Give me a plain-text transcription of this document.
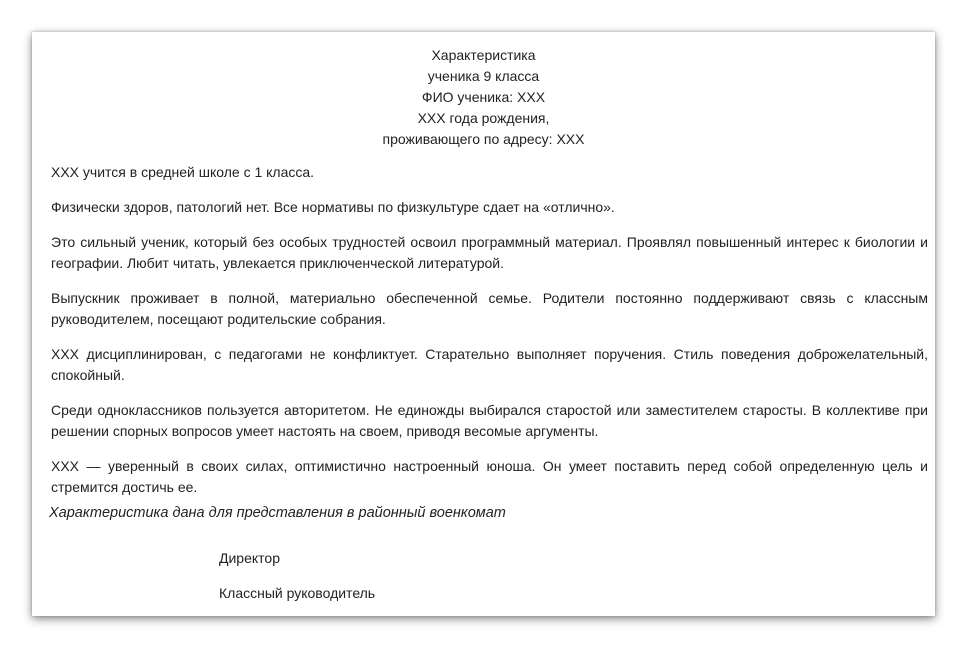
Характеристика
ученика 9 класса
ФИО ученика: ХХХ
ХХХ года рождения,
проживающего по адресу: ХХХ

ХХХ учится в средней школе с 1 класса.

Физически здоров, патологий нет. Все нормативы по физкультуре сдает на «отлично».

Это сильный ученик, который без особых трудностей освоил программный материал. Проявлял повышенный интерес к биологии и географии. Любит читать, увлекается приключенческой литературой.

Выпускник проживает в полной, материально обеспеченной семье. Родители постоянно поддерживают связь с классным руководителем, посещают родительские собрания.

ХХХ дисциплинирован, с педагогами не конфликтует. Старательно выполняет поручения. Стиль поведения доброжелательный, спокойный.

Среди одноклассников пользуется авторитетом. Не единожды выбирался старостой или заместителем старосты. В коллективе при решении спорных вопросов умеет настоять на своем, приводя весомые аргументы.

ХХХ — уверенный в своих силах, оптимистично настроенный юноша. Он умеет поставить перед собой определенную цель и стремится достичь ее.

Характеристика дана для представления в районный военкомат
Директор
Классный руководитель
